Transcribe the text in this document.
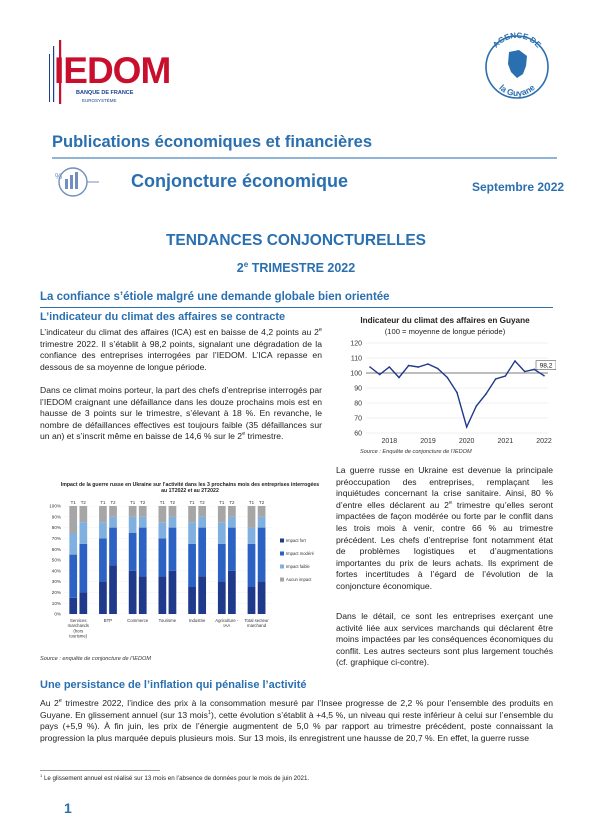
IEDOM
BANQUE DE FRANCE
EUROSYSTÈME
AGENCE DE
la Guyane
Publications économiques et financières
%	Conjoncture économique	Septembre 2022
TENDANCES CONJONCTURELLES
2e TRIMESTRE 2022
La confiance s’étiole malgré une demande globale bien orientée
L’indicateur du climat des affaires se contracte
L’indicateur du climat des affaires (ICA) est en baisse de 4,2 points au 2e trimestre 2022. Il s’établit à 98,2 points, signalant une dégradation de la confiance des entreprises interrogées par l’IEDOM. L’ICA repasse en dessous de sa moyenne de longue période.
Dans ce climat moins porteur, la part des chefs d’entreprise interrogés par l’IEDOM craignant une défaillance dans les douze prochains mois est en hausse de 3 points sur le trimestre, s’élevant à 18 %. En revanche, le nombre de défaillances effectives est toujours faible (35 défaillances sur un an) et s’inscrit même en baisse de 14,6 % sur le 2e trimestre.
Indicateur du climat des affaires en Guyane
(100 = moyenne de longue période)
60
70
80
90
100
110
120
2018	2019	2020	2021	2022
98,2
Source : Enquête de conjoncture de l’IEDOM
Impact de la guerre russe en Ukraine sur l’activité dans les 3 prochains mois des entreprises interrogées au 1T2022 et au 2T2022
0%
10%
20%
30%
40%
50%
60%
70%
80%
90%
100%
T1 T2
Services
marchands
(hors
tourisme)
T1 T2
BTP
T1 T2
Commerce
T1 T2
Tourisme
T1 T2
Industrie
T1 T2
Agriculture -
IAA
T1 T2
Total secteur
marchand
Impact fort
Impact modéré
Impact faible
Aucun impact
Source : enquête de conjoncture de l’IEDOM
La guerre russe en Ukraine est devenue la principale préoccupation des entreprises, remplaçant les inquiétudes concernant la crise sanitaire. Ainsi, 80 % d’entre elles déclarent au 2e trimestre qu’elles seront impactées de façon modérée ou forte par le conflit dans les trois mois à venir, contre 66 % au trimestre précédent. Les chefs d’entreprise font notamment état de problèmes logistiques et d’augmentations importantes du prix de leurs achats. Ils expriment de fortes incertitudes à l’égard de l’évolution de la conjoncture économique.
Dans le détail, ce sont les entreprises exerçant une activité liée aux services marchands qui déclarent être moins impactées par les conséquences économiques du conflit. Les autres secteurs sont plus largement touchés (cf. graphique ci-contre).
Une persistance de l’inflation qui pénalise l’activité
Au 2e trimestre 2022, l’indice des prix à la consommation mesuré par l’Insee progresse de 2,2 % pour l’ensemble des produits en Guyane. En glissement annuel (sur 13 mois$^1$), cette évolution s’établit à +4,5 %, un niveau qui reste inférieur à celui sur l’ensemble du pays (+5,9 %). À fin juin, les prix de l’énergie augmentent de 5,0 % par rapport au trimestre précédent, poste connaissant la progression la plus marquée depuis plusieurs mois. Sur 13 mois, ils enregistrent une hausse de 20,7 %. En effet, la guerre russe
$^1$ Le glissement annuel est réalisé sur 13 mois en l’absence de données pour le mois de juin 2021.
1
